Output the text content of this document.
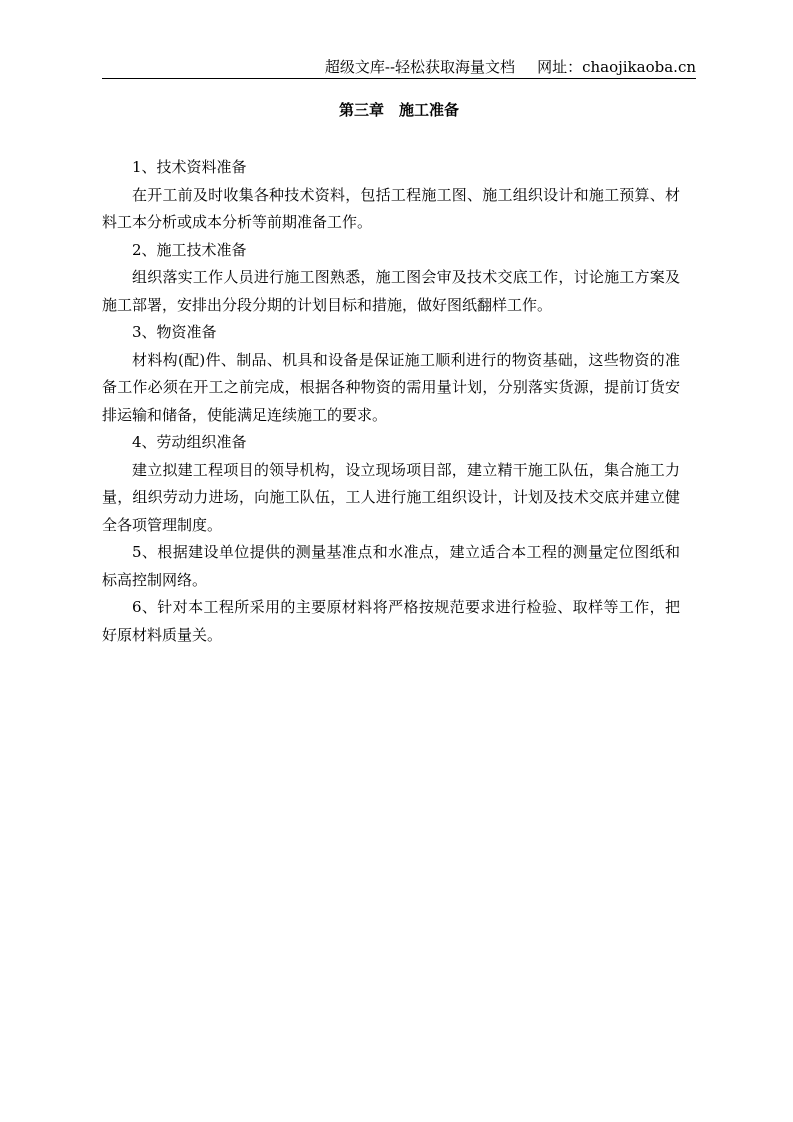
超级文库--轻松获取海量文档 网址：chaojikaoba.cn
第三章　施工准备

1、技术资料准备

在开工前及时收集各种技术资料，包括工程施工图、施工组织设计和施工预算、材料工本分析或成本分析等前期准备工作。

2、施工技术准备

组织落实工作人员进行施工图熟悉，施工图会审及技术交底工作，讨论施工方案及施工部署，安排出分段分期的计划目标和措施，做好图纸翻样工作。

3、物资准备

材料构(配)件、制品、机具和设备是保证施工顺利进行的物资基础，这些物资的准备工作必须在开工之前完成，根据各种物资的需用量计划，分别落实货源，提前订货安排运输和储备，使能满足连续施工的要求。

4、劳动组织准备

建立拟建工程项目的领导机构，设立现场项目部，建立精干施工队伍，集合施工力量，组织劳动力进场，向施工队伍，工人进行施工组织设计，计划及技术交底并建立健全各项管理制度。

5、根据建设单位提供的测量基准点和水准点，建立适合本工程的测量定位图纸和标高控制网络。

6、针对本工程所采用的主要原材料将严格按规范要求进行检验、取样等工作，把好原材料质量关。
